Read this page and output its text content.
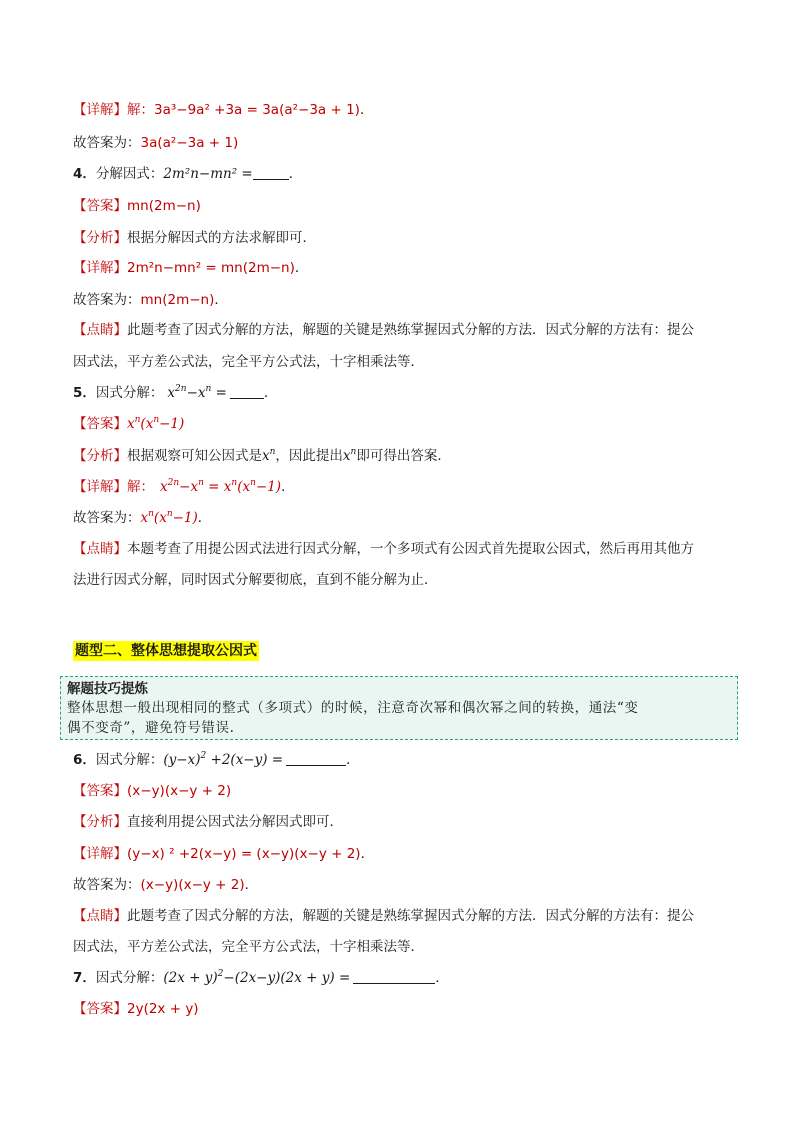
【详解】解：3a³−9a² +3a = 3a(a²−3a + 1)．
故答案为：3a(a²−3a + 1)
4．分解因式：2m²n−mn² =	．
【答案】mn(2m−n)
【分析】根据分解因式的方法求解即可．
【详解】2m²n−mn² = mn(2m−n)．
故答案为：mn(2m−n)．
【点睛】此题考查了因式分解的方法，解题的关键是熟练掌握因式分解的方法．因式分解的方法有：提公
因式法，平方差公式法，完全平方公式法，十字相乘法等．
5．因式分解： $x^{2n}-x^n$ =	．
【答案】$x^n(x^n-1)$
【分析】根据观察可知公因式是$x^n$，因此提出$x^n$即可得出答案．
【详解】解： $x^{2n}-x^n = x^n(x^n-1)$．
故答案为：$x^n(x^n-1)$．
【点睛】本题考查了用提公因式法进行因式分解，一个多项式有公因式首先提取公因式，然后再用其他方
法进行因式分解，同时因式分解要彻底，直到不能分解为止．
题型二、整体思想提取公因式
解题技巧提炼
整体思想一般出现相同的整式（多项式）的时候，注意奇次幂和偶次幂之间的转换，通法“变
偶不变奇”，避免符号错误.
6．因式分解：$(y-x)^2 +2(x-y)$ =	．
【答案】(x−y)(x−y + 2)
【分析】直接利用提公因式法分解因式即可．
【详解】(y−x) ² +2(x−y) = (x−y)(x−y + 2)．
故答案为：(x−y)(x−y + 2)．
【点睛】此题考查了因式分解的方法，解题的关键是熟练掌握因式分解的方法．因式分解的方法有：提公
因式法，平方差公式法，完全平方公式法，十字相乘法等．
7．因式分解：$(2x + y)^2-(2x-y)(2x + y)$ =	．
【答案】2y(2x + y)
